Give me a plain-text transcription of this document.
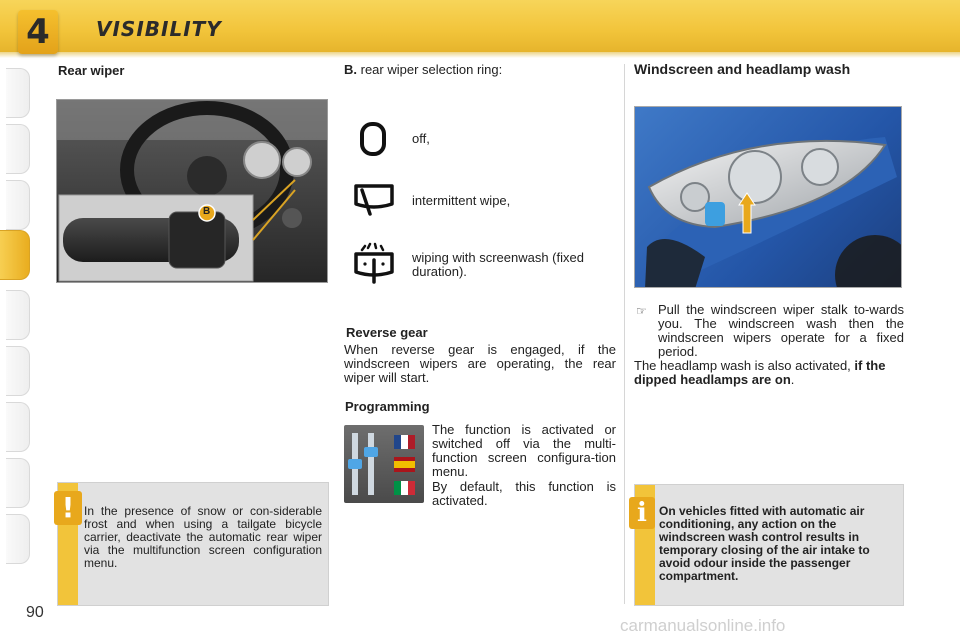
4	VISIBILITY
Rear wiper
B
! In the presence of snow or con-siderable frost and when using a tailgate bicycle carrier, deactivate the automatic rear wiper via the multifunction screen configuration menu.
B. rear wiper selection ring:
off,
intermittent wipe,
wiping with screenwash (fixed duration).
Reverse gear
When reverse gear is engaged, if the windscreen wipers are operating, the rear wiper will start.
Programming
The function is activated or switched off via the multi-function screen configura-tion menu.
By default, this function is activated.
Windscreen and headlamp wash
☞ Pull the windscreen wiper stalk to-wards you. The windscreen wash then the windscreen wipers operate for a fixed period.
The headlamp wash is also activated, if the dipped headlamps are on.
i	On vehicles fitted with automatic air conditioning, any action on the windscreen wash control results in temporary closing of the air intake to avoid odour inside the passenger compartment.
90
carmanualsonline.info
